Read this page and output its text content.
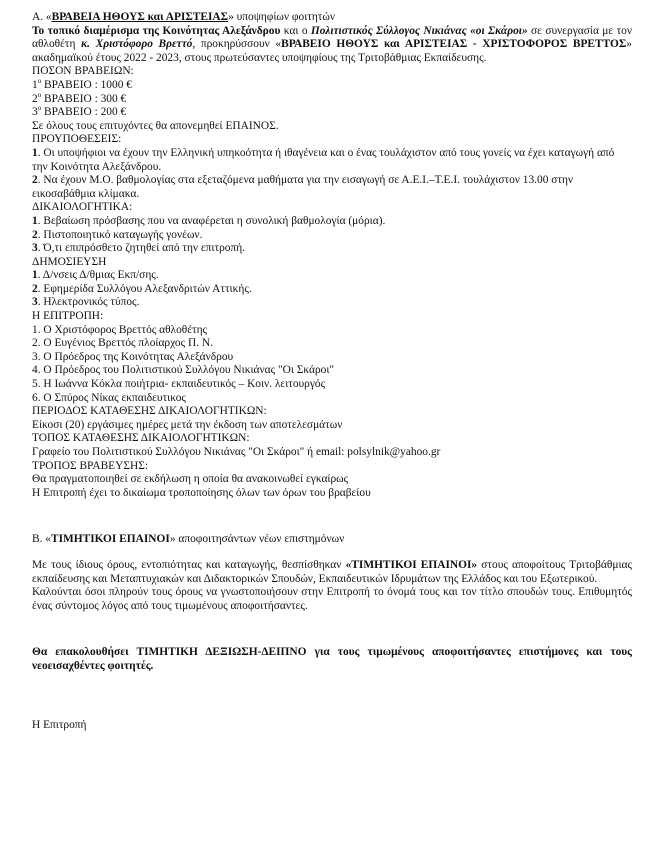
Α. «ΒΡΑΒΕΙΑ ΗΘΟΥΣ και ΑΡΙΣΤΕΙΑΣ» υποψηφίων φοιτητών

Το τοπικό διαμέρισμα της Κοινότητας Αλεξάνδρου και ο Πολιτιστικός Σύλλογος Νικιάνας «οι Σκάροι» σε συνεργασία με τον αθλοθέτη κ. Χριστόφορο Βρεττό, προκηρύσσουν «ΒΡΑΒΕΙΟ ΗΘΟΥΣ και ΑΡΙΣΤΕΙΑΣ - ΧΡΙΣΤΟΦΟΡΟΣ ΒΡΕΤΤΟΣ» ακαδημαϊκού έτους 2022 - 2023, στους πρωτεύσαντες υποψηφίους της Τριτοβάθμιας Εκπαίδευσης.

ΠΟΣΟΝ ΒΡΑΒΕΙΩΝ:

$1^o$ ΒΡΑΒΕΙΟ : 1000 €

$2^o$ ΒΡΑΒΕΙΟ : 300 €

$3^o$ ΒΡΑΒΕΙΟ : 200 €

Σε όλους τους επιτυχόντες θα απονεμηθεί ΕΠΑΙΝΟΣ.

ΠΡΟΥΠΟΘΕΣΕΙΣ:

1. Οι υποψήφιοι να έχουν την Ελληνική υπηκοότητα ή ιθαγένεια και ο ένας τουλάχιστον από τους γονείς να έχει καταγωγή από την Κοινότητα Αλεξάνδρου.

2. Να έχουν Μ.Ο. βαθμολογίας στα εξεταζόμενα μαθήματα για την εισαγωγή σε Α.Ε.Ι.–Τ.Ε.Ι. τουλάχιστον 13.00 στην εικοσαβάθμια κλίμακα.

ΔΙΚΑΙΟΛΟΓΗΤΙΚΑ:

1. Βεβαίωση πρόσβασης που να αναφέρεται η συνολική βαθμολογία (μόρια).

2. Πιστοποιητικό καταγωγής γονέων.

3. Ό,τι επιπρόσθετο ζητηθεί από την επιτροπή.

ΔΗΜΟΣΙΕΥΣΗ

1. Δ/νσεις Δ/θμιας Εκπ/σης.

2. Εφημερίδα Συλλόγου Αλεξανδριτών Αττικής.

3. Ηλεκτρονικός τύπος.

Η ΕΠΙΤΡΟΠΗ:

1. Ο Χριστόφορος Βρεττός αθλοθέτης

2. Ο Ευγένιος Βρεττός πλοίαρχος Π. Ν.

3. Ο Πρόεδρος της Κοινότητας Αλεξάνδρου

4. Ο Πρόεδρος του Πολιτιστικού Συλλόγου Νικιάνας "Οι Σκάροι"

5. Η Ιωάννα Κόκλα ποιήτρια- εκπαιδευτικός – Κοιν. λειτουργός

6. Ο Σπύρος Νίκας εκπαιδευτικος

ΠΕΡΙΟΔΟΣ ΚΑΤΑΘΕΣΗΣ ΔΙΚΑΙΟΛΟΓΗΤΙΚΩΝ:

Είκοσι (20) εργάσιμες ημέρες μετά την έκδοση των αποτελεσμάτων

ΤΟΠΟΣ ΚΑΤΑΘΕΣΗΣ ΔΙΚΑΙΟΛΟΓΗΤΙΚΩΝ:

Γραφείο του Πολιτιστικού Συλλόγου Νικιάνας "Οι Σκάροι" ή email: polsylnik@yahoo.gr

ΤΡΟΠΟΣ ΒΡΑΒΕΥΣΗΣ:

Θα πραγματοποιηθεί σε εκδήλωση η οποία θα ανακοινωθεί εγκαίρως

Η Επιτροπή έχει το δικαίωμα τροποποίησης όλων των όρων του βραβείου

Β. «ΤΙΜΗΤΙΚΟΙ ΕΠΑΙΝΟΙ» αποφοιτησάντων νέων επιστημόνων

Με τους ίδιους όρους, εντοπιότητας και καταγωγής, θεσπίσθηκαν «ΤΙΜΗΤΙΚΟΙ ΕΠΑΙΝΟΙ» στους αποφοίτους Τριτοβάθμιας εκπαίδευσης και Μεταπτυχιακών και Διδακτορικών Σπουδών, Εκπαιδευτικών Ιδρυμάτων της Ελλάδος και του Εξωτερικού.

Καλούνται όσοι πληρούν τους όρους να γνωστοποιήσουν στην Επιτροπή το όνομά τους και τον τίτλο σπουδών τους. Επιθυμητός ένας σύντομος λόγος από τους τιμωμένους αποφοιτήσαντες.

Θα επακολουθήσει ΤΙΜΗΤΙΚΗ ΔΕΞΙΩΣΗ-ΔΕΙΠΝΟ για τους τιμωμένους αποφοιτήσαντες επιστήμονες και τους νεοεισαχθέντες φοιτητές.

Η Επιτροπή
